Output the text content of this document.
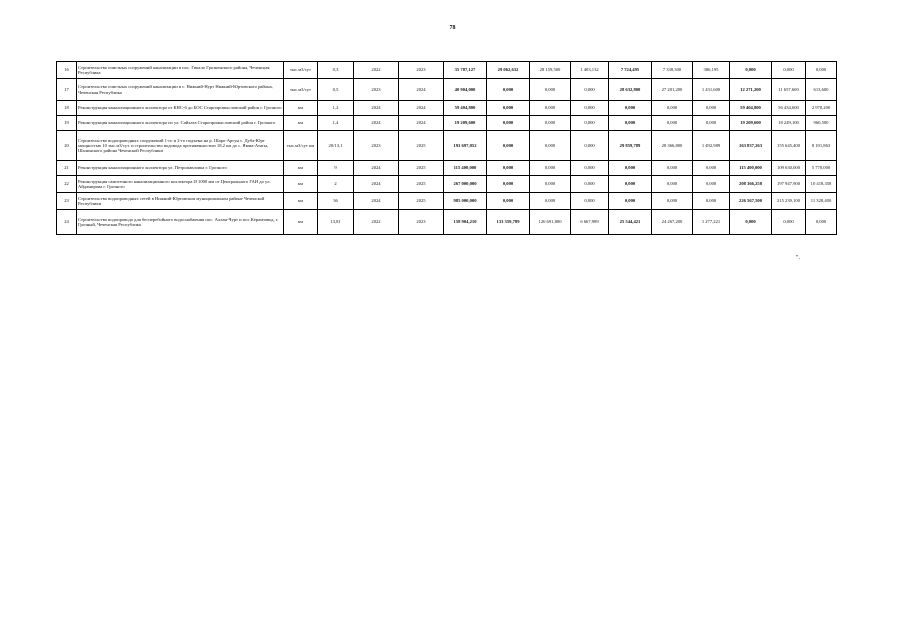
78
16	Строительство очистных сооружений канализации в пос. Гикало Грозненского района, Чеченская Республика	тыс.м3/сут	0,3	2022	2023	35 787,127	29 062,632	28 159,500	1 403,132	7 724,495	7 338,300	386,195	0,000	0,000	0,000
17	Строительство очистных сооружений канализации в с. Нижний-Нурт Нижний-Юртовского района, Чеченская Республика	тыс.м3/сут	0,5	2023	2024	40 904,000	0,000	0,000	0,000	28 632,800	27 201,200	1 431,600	12 271,200	11 657,600	613,600
18	Реконструкция канализационного коллектора от КНС-6 до БОС Старопромысловский район г. Грозного	км	1,2	2024	2024	59 404,800	0,000	0,000	0,000	0,000	0,000	0,000	59 404,800	56 434,600	2 970,200
19	Реконструкция канализационного коллектора по ул. Сайхата Старопромысловский район г. Грозного	км	1,4	2024	2024	19 209,600	0,000	0,000	0,000	0,000	0,000	0,000	19 209,600	18 249,100	960,500
20	Строительство водопроводных сооружений 1-го и 2-го подъема на р. Шаро-Аргун с. Дуба-Юрт мощностью 10 тыс.м3/сут. и строительство водовода протяженностью 18,2 км до с. Ямма-Атагы, Шалинского района Чеченской Республики	тыс.м3/сут км	20/13,1	2023	2025	193 697,052	0,000	0,000	0,000	29 859,789	28 366,800	1 492,989	163 837,263	155 645,400	8 191,863
21	Реконструкция канализационного коллектора ул. Петропавловка г. Грозного	км	9	2024	2025	115 400,000	0,000	0,000	0,000	0,000	0,000	0,000	115 400,000	109 630,000	5 770,000
22	Реконструкция самотечного канализационного коллектора Ø 1000 мм от Центрального ГАИ до ул. Айдамирова г. Грозного	км	2	2024	2025	267 000,000	0,000	0,000	0,000	0,000	0,000	0,000	208 366,258	197 947,900	10 418,358
23	Строительство водопроводных сетей в Нижний-Юртовском муниципальном районе Чеченской Республики	км	36	2024	2025	985 000,000	0,000	0,000	0,000	0,000	0,000	0,000	226 567,500	215 239,100	11 328,400
24	Строительство водопровода для бесперебойного водоснабжения пос. Алхан-Чурт и пос.Керамзавод, г. Грозный, Чеченская Республика	км	13,81	2022	2023	158 904,210	133 359,789	126 691,800	6 667,989	25 544,421	24 267,200	1 277,221	0,000	0,000	0,000
".
